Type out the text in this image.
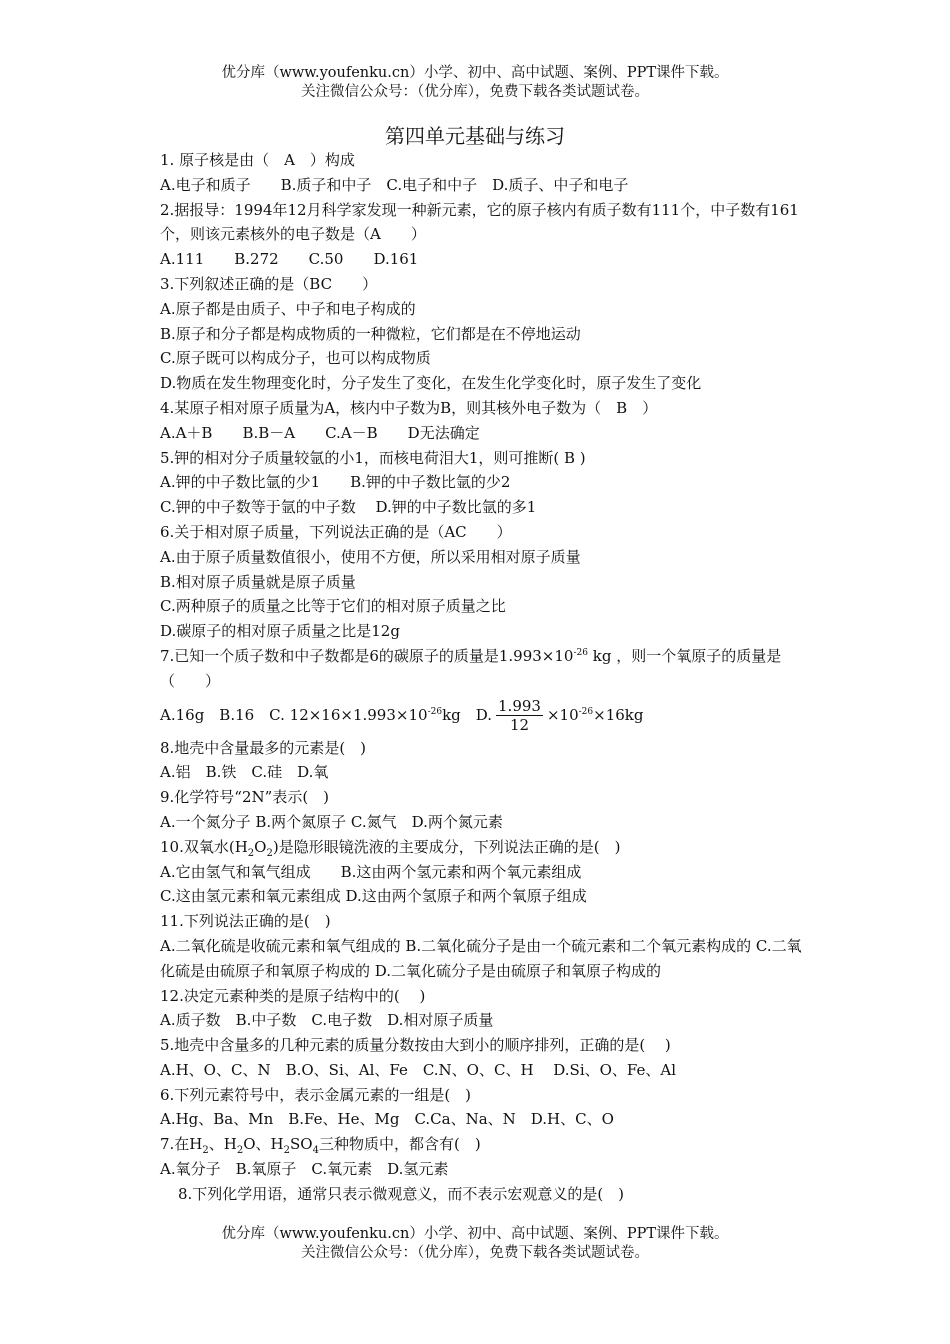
优分库（www.youfenku.cn）小学、初中、高中试题、案例、PPT课件下载。
关注微信公众号：（优分库），免费下载各类试题试卷。
第四单元基础与练习
1. 原子核是由（　A　）构成
A.电子和质子　　B.质子和中子　C.电子和中子　D.质子、中子和电子
2.据报导：1994年12月科学家发现一种新元素，它的原子核内有质子数有111个，中子数有161个，则该元素核外的电子数是（A　　）
A.111　　B.272　　C.50　　D.161
3.下列叙述正确的是（BC　　）
A.原子都是由质子、中子和电子构成的
B.原子和分子都是构成物质的一种微粒，它们都是在不停地运动
C.原子既可以构成分子，也可以构成物质
D.物质在发生物理变化时，分子发生了变化，在发生化学变化时，原子发生了变化
4.某原子相对原子质量为A，核内中子数为B，则其核外电子数为（　B　）
A.A＋B　　B.B－A　　C.A－B　　D无法确定
5.钾的相对分子质量较氩的小1，而核电荷泪大1，则可推断( B )
A.钾的中子数比氩的少1　　B.钾的中子数比氩的少2
C.钾的中子数等于氩的中子数　 D.钾的中子数比氩的多1
6.关于相对原子质量，下列说法正确的是（AC　　）
A.由于原子质量数值很小，使用不方便，所以采用相对原子质量
B.相对原子质量就是原子质量
C.两种原子的质量之比等于它们的相对原子质量之比
D.碳原子的相对原子质量之比是12g
7.已知一个质子数和中子数都是6的碳原子的质量是$1.993\times 10^{-26}$ kg ，则一个氧原子的质量是（　　）
A.16g　B.16　C. $12\times 16\times 1.993\times 10^{-26}kg$　D. $\frac{1.993}{12} \times 10^{-26}\times 16kg$
8.地壳中含量最多的元素是(　)
A.铝　B.铁　C.硅　D.氧
9.化学符号“2N”表示(　)
A.一个氮分子 B.两个氮原子 C.氮气　D.两个氮元素
10.双氧水$(H_2O_2)$是隐形眼镜洗液的主要成分，下列说法正确的是(　)
A.它由氢气和氧气组成　　B.这由两个氢元素和两个氧元素组成
C.这由氢元素和氧元素组成 D.这由两个氢原子和两个氧原子组成
11.下列说法正确的是(　)
A.二氧化硫是收硫元素和氧气组成的 B.二氧化硫分子是由一个硫元素和二个氧元素构成的 C.二氧化硫是由硫原子和氧原子构成的 D.二氧化硫分子是由硫原子和氧原子构成的
12.决定元素种类的是原子结构中的(　 )
A.质子数　B.中子数　C.电子数　D.相对原子质量
5.地壳中含量多的几种元素的质量分数按由大到小的顺序排列，正确的是(　 )
A.H、O、C、N　B.O、Si、Al、Fe　C.N、O、C、H　 D.Si、O、Fe、Al
6.下列元素符号中，表示金属元素的一组是(　)
A.Hg、Ba、Mn　B.Fe、He、Mg　C.Ca、Na、N　D.H、C、O
7.在$H_2$、$H_2O$、$H_2SO_4$三种物质中，都含有(　)
A.氧分子　B.氧原子　C.氧元素　D.氢元素
8.下列化学用语，通常只表示微观意义，而不表示宏观意义的是(　)
优分库（www.youfenku.cn）小学、初中、高中试题、案例、PPT课件下载。
关注微信公众号：（优分库），免费下载各类试题试卷。
